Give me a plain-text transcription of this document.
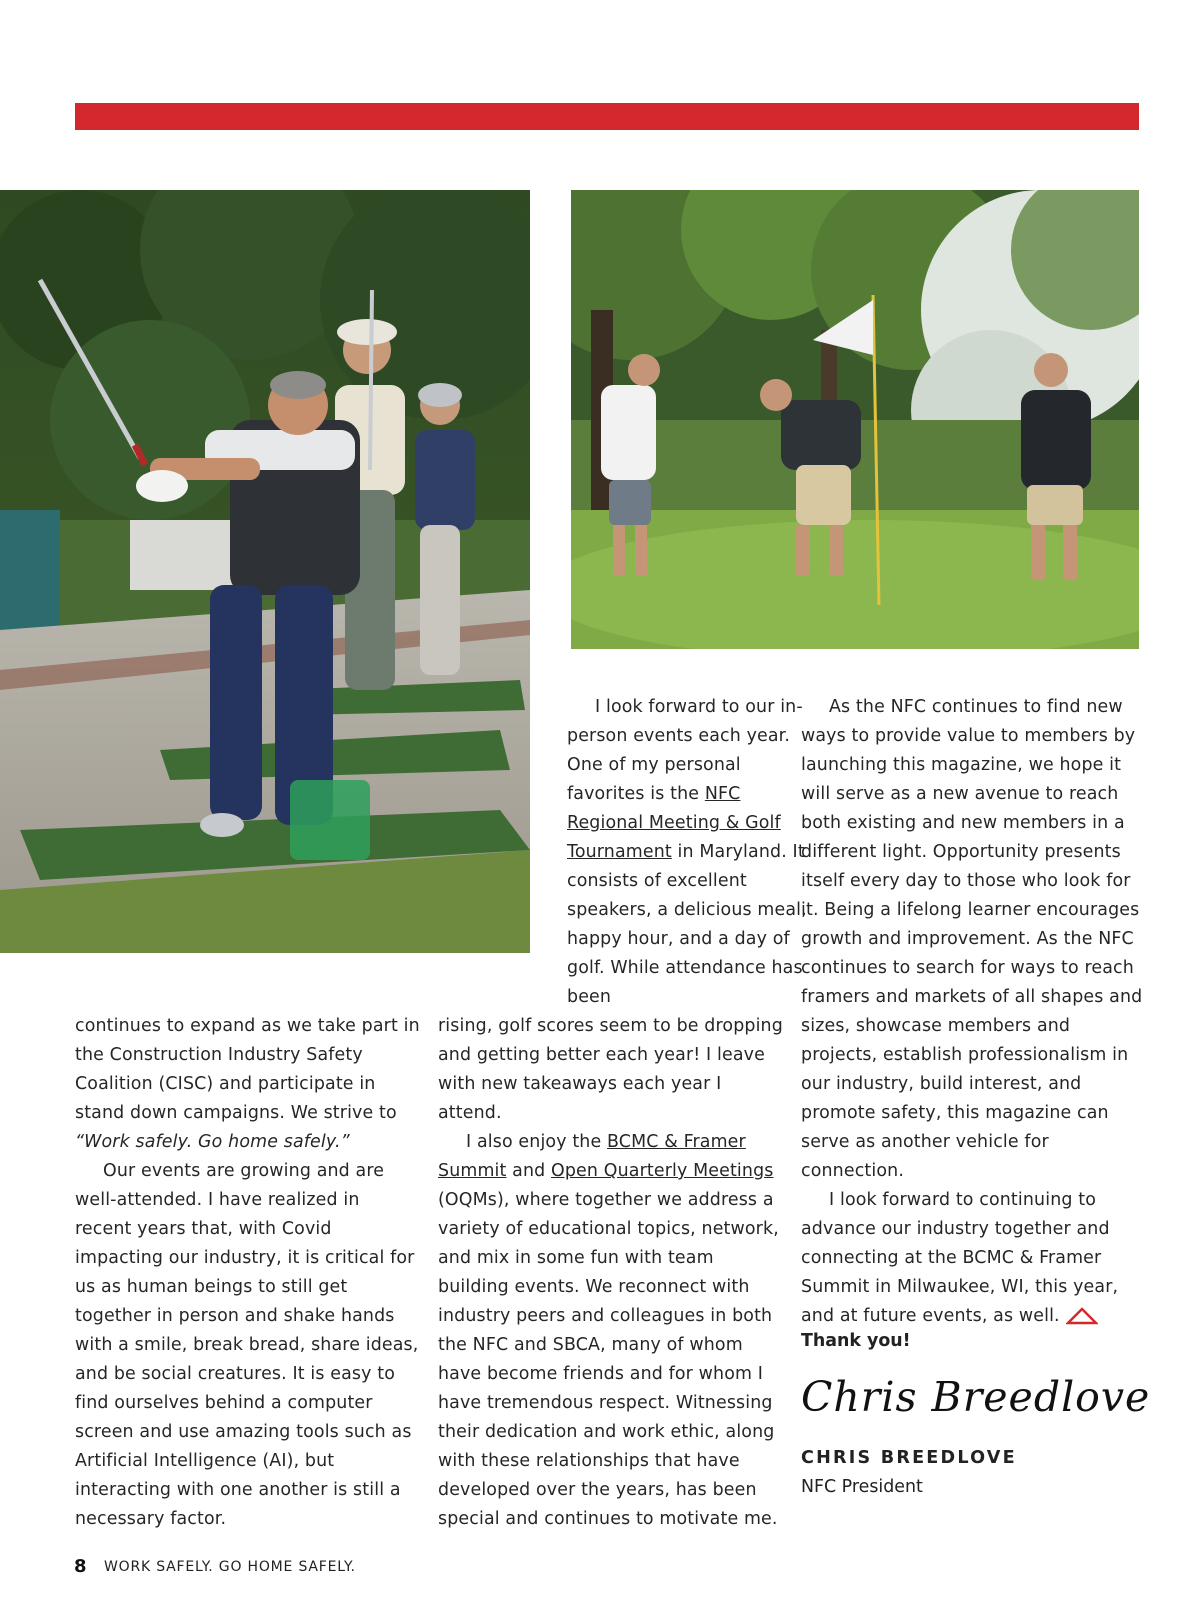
continues to expand as we take part in the Construction Industry Safety Coalition (CISC) and participate in stand down campaigns. We strive to “Work safely. Go home safely.”

Our events are growing and are well-attended. I have realized in recent years that, with Covid impacting our industry, it is critical for us as human beings to still get together in person and shake hands with a smile, break bread, share ideas, and be social creatures. It is easy to find ourselves behind a computer screen and use amazing tools such as Artificial Intelligence (AI), but interacting with one another is still a necessary factor.

I look forward to our in-person events each year. One of my personal favorites is the NFC Regional Meeting & Golf Tournament in Maryland. It consists of excellent speakers, a delicious meal, happy hour, and a day of golf. While attendance has been

rising, golf scores seem to be dropping and getting better each year! I leave with new takeaways each year I attend.

I also enjoy the BCMC & Framer Summit and Open Quarterly Meetings (OQMs), where together we address a variety of educational topics, network, and mix in some fun with team building events. We reconnect with industry peers and colleagues in both the NFC and SBCA, many of whom have become friends and for whom I have tremendous respect. Witnessing their dedication and work ethic, along with these relationships that have developed over the years, has been special and continues to motivate me.

As the NFC continues to find new ways to provide value to members by launching this magazine, we hope it will serve as a new avenue to reach both existing and new members in a different light. Opportunity presents itself every day to those who look for it. Being a lifelong learner encourages growth and improvement. As the NFC continues to search for ways to reach framers and markets of all shapes and sizes, showcase members and projects, establish professionalism in our industry, build interest, and promote safety, this magazine can serve as another vehicle for connection.

I look forward to continuing to advance our industry together and connecting at the BCMC & Framer Summit in Milwaukee, WI, this year, and at future events, as well.

Thank you!
Chris Breedlove
CHRIS BREEDLOVE
NFC President
8 WORK SAFELY. GO HOME SAFELY.
